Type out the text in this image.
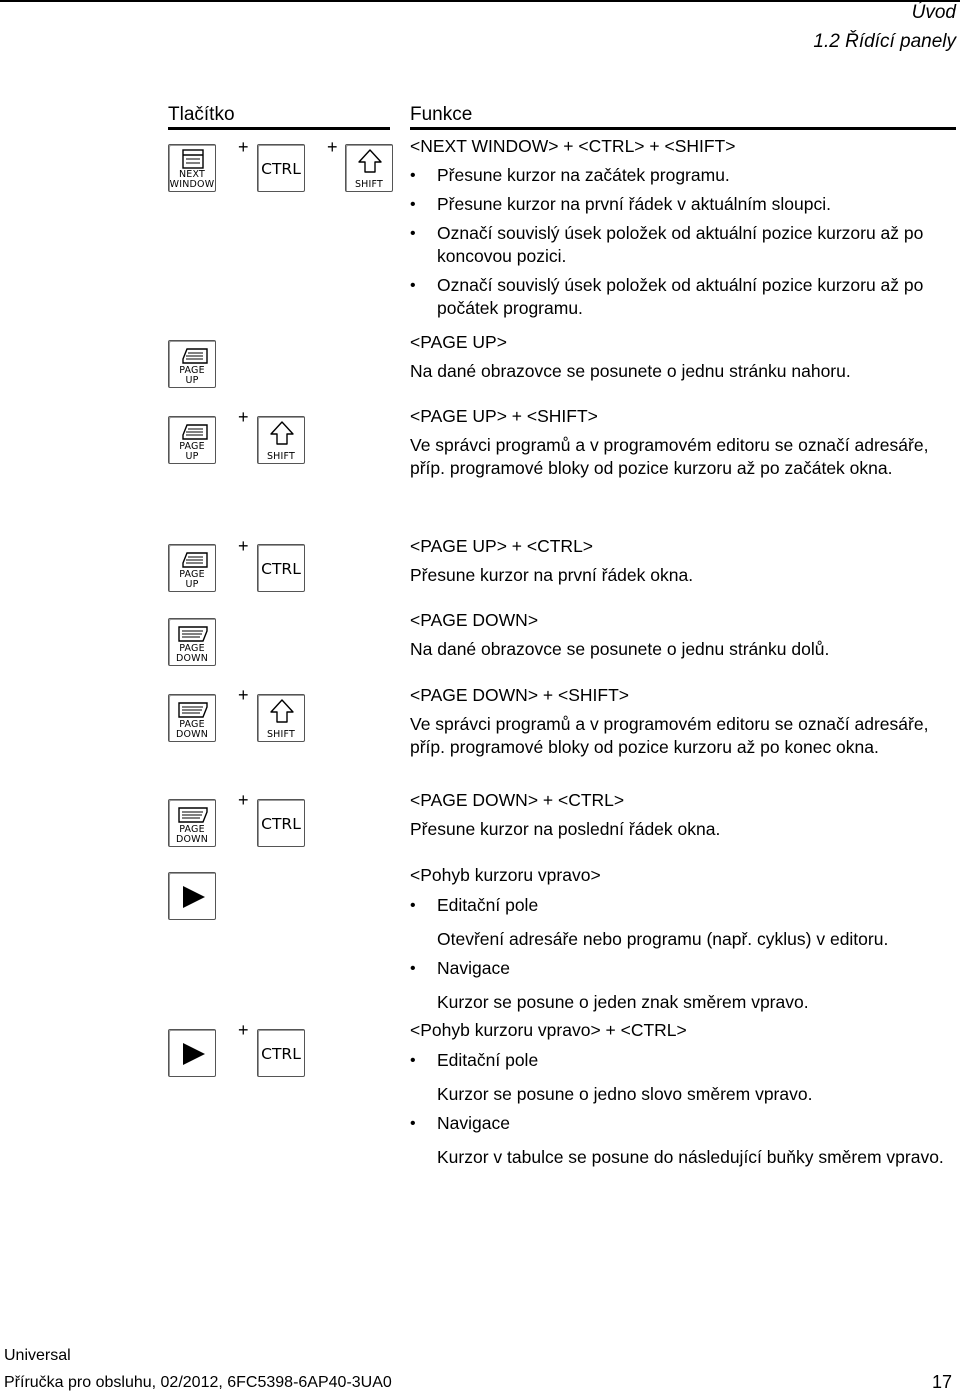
Úvod
1.2 Řídící panely
Tlačítko	Funkce
NEXT
WINDOW
+
CTRL
+
SHIFT
PAGE
UP
PAGE
UP
+
SHIFT
PAGE
UP
+
CTRL
PAGE
DOWN
PAGE
DOWN
+
SHIFT
PAGE
DOWN
+
CTRL
+
CTRL
<NEXT WINDOW> + <CTRL> + <SHIFT>

• Přesune kurzor na začátek programu.

• Přesune kurzor na první řádek v aktuálním sloupci.

• Označí souvislý úsek položek od aktuální pozice kurzoru až po koncovou pozici.

• Označí souvislý úsek položek od aktuální pozice kurzoru až po počátek programu.

<PAGE UP>

Na dané obrazovce se posunete o jednu stránku nahoru.

<PAGE UP> + <SHIFT>

Ve správci programů a v programovém editoru se označí adresáře, příp. programové bloky od pozice kurzoru až po začátek okna.

<PAGE UP> + <CTRL>

Přesune kurzor na první řádek okna.

<PAGE DOWN>

Na dané obrazovce se posunete o jednu stránku dolů.

<PAGE DOWN> + <SHIFT>

Ve správci programů a v programovém editoru se označí adresáře, příp. programové bloky od pozice kurzoru až po konec okna.

<PAGE DOWN> + <CTRL>

Přesune kurzor na poslední řádek okna.

<Pohyb kurzoru vpravo>

• Editační pole

Otevření adresáře nebo programu (např. cyklus) v editoru.

• Navigace

Kurzor se posune o jeden znak směrem vpravo.

<Pohyb kurzoru vpravo> + <CTRL>

• Editační pole

Kurzor se posune o jedno slovo směrem vpravo.

• Navigace

Kurzor v tabulce se posune do následující buňky směrem vpravo.

Universal
Příručka pro obsluhu, 02/2012, 6FC5398-6AP40-3UA0	17
